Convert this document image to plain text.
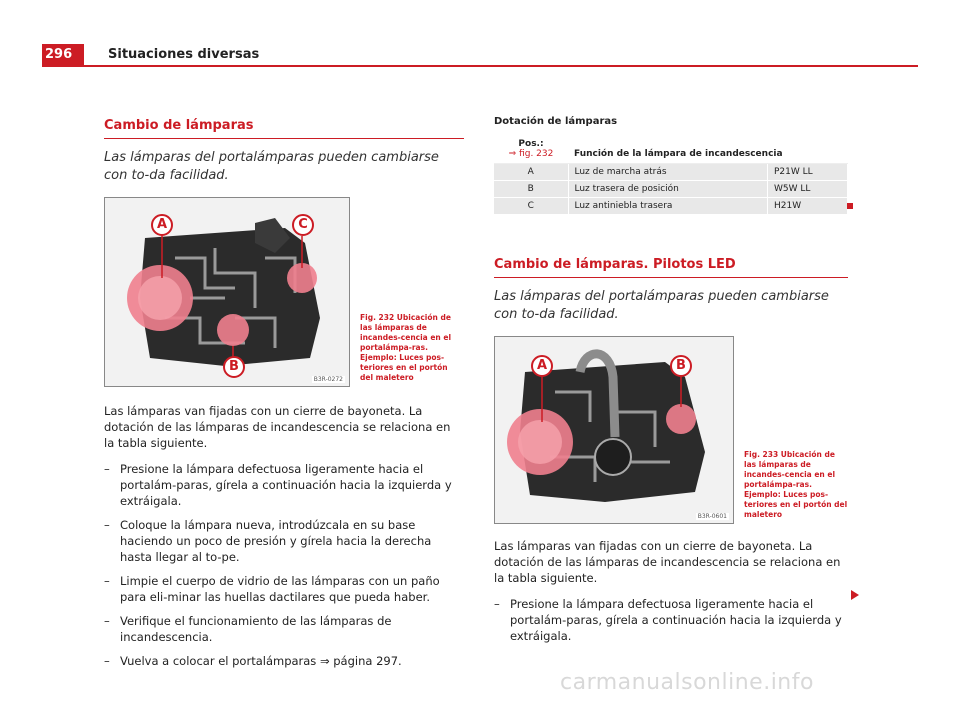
296	Situaciones diversas
Cambio de lámparas
Las lámparas del portalámparas pueden cambiarse con to-da facilidad.
A
B
C
B3R-0272
Fig. 232 Ubicación de las lámparas de incandes-cencia en el portalámpa-ras. Ejemplo: Luces pos-teriores en el portón del maletero
Las lámparas van fijadas con un cierre de bayoneta. La dotación de las lámparas de incandescencia se relaciona en la tabla siguiente.
– Presione la lámpara defectuosa ligeramente hacia el portalám-paras, gírela a continuación hacia la izquierda y extráigala.
– Coloque la lámpara nueva, introdúzcala en su base haciendo un poco de presión y gírela hacia la derecha hasta llegar al to-pe.
– Limpie el cuerpo de vidrio de las lámparas con un paño para eli-minar las huellas dactilares que pueda haber.
– Verifique el funcionamiento de las lámparas de incandescencia.
– Vuelva a colocar el portalámparas ⇒ página 297.
Dotación de lámparas
Pos.:
⇒ fig. 232	Función de la lámpara de incandescencia	
A	Luz de marcha atrás	P21W LL
B	Luz trasera de posición	W5W LL
C	Luz antiniebla trasera	H21W
Cambio de lámparas. Pilotos LED
Las lámparas del portalámparas pueden cambiarse con to-da facilidad.
A	B
B3R-0601
Fig. 233 Ubicación de las lámparas de incandes-cencia en el portalámpa-ras. Ejemplo: Luces pos-teriores en el portón del maletero
Las lámparas van fijadas con un cierre de bayoneta. La dotación de las lámparas de incandescencia se relaciona en la tabla siguiente.
– Presione la lámpara defectuosa ligeramente hacia el portalám-paras, gírela a continuación hacia la izquierda y extráigala.
carmanualsonline.info
